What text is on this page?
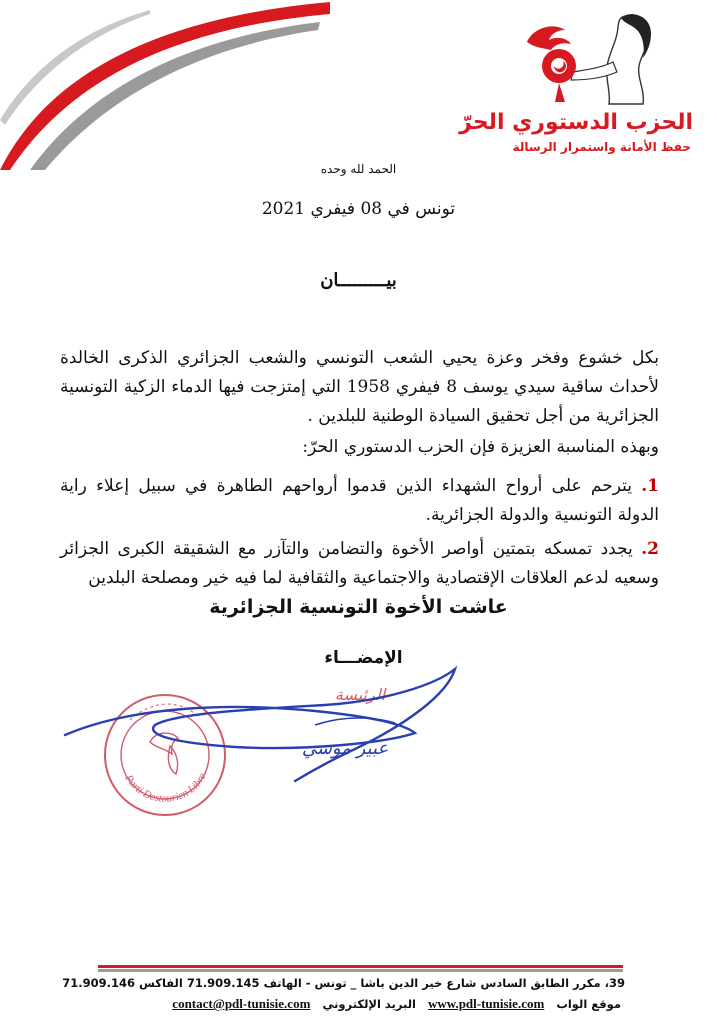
الحزب الدستوري الحرّ
حفظ الأمانة واستمرار الرسالة
الحمد لله وحده
تونس في 08 فيفري 2021
بيـــــــــان
بكل خشوع وفخر وعزة يحيي الشعب التونسي والشعب الجزائري الذكرى الخالدة لأحداث ساقية سيدي يوسف 8 فيفري 1958 التي إمتزجت فيها الدماء الزكية التونسية الجزائرية من أجل تحقيق السيادة الوطنية للبلدين .
وبهذه المناسبة العزيزة فإن الحزب الدستوري الحرّ:
1. يترحم على أرواح الشهداء الذين قدموا أرواحهم الطاهرة في سبيل إعلاء راية الدولة التونسية والدولة الجزائرية.
2. يجدد تمسكه بتمتين أواصر الأخوة والتضامن والتآزر مع الشقيقة الكبرى الجزائر وسعيه لدعم العلاقات الإقتصادية والاجتماعية والثقافية لما فيه خير ومصلحة البلدين
عاشت الأخوة التونسية الجزائرية
الإمضـــاء
Parti Destourien Libre
الرئيسة
عبير موسي
39، مكرر الطابق السادس شارع خير الدين باشا _ تونس - الهاتف 71.909.145 الفاكس 71.909.146
موقع الواب www.pdl-tunisie.com البريد الإلكتروني contact@pdl-tunisie.com
